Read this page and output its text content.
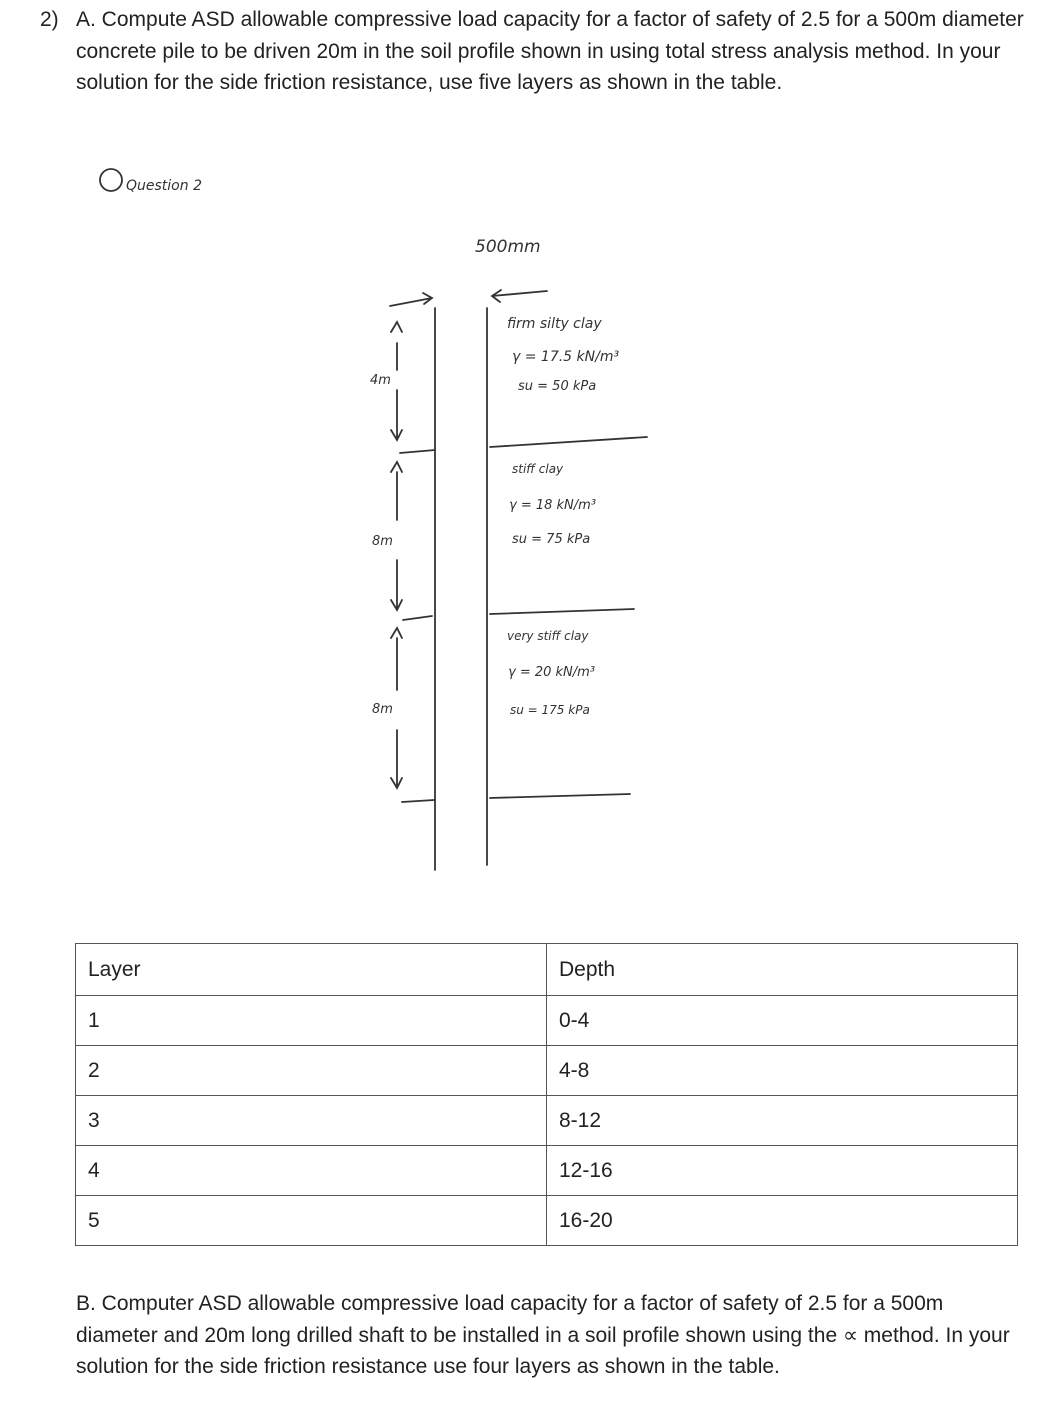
2) A. Compute ASD allowable compressive load capacity for a factor of safety of 2.5 for a 500m diameter concrete pile to be driven 20m in the soil profile shown in using total stress analysis method. In your solution for the side friction resistance, use five layers as shown in the table.
Question 2
500mm
4m
8m
8m
firm silty clay
γ = 17.5 kN/m³
su = 50 kPa
stiff clay
γ = 18 kN/m³
su = 75 kPa
very stiff clay
γ = 20 kN/m³
su = 175 kPa
Layer	Depth
1	0-4
2	4-8
3	8-12
4	12-16
5	16-20
B. Computer ASD allowable compressive load capacity for a factor of safety of 2.5 for a 500m diameter and 20m long drilled shaft to be installed in a soil profile shown using the ∝ method. In your solution for the side friction resistance use four layers as shown in the table.
